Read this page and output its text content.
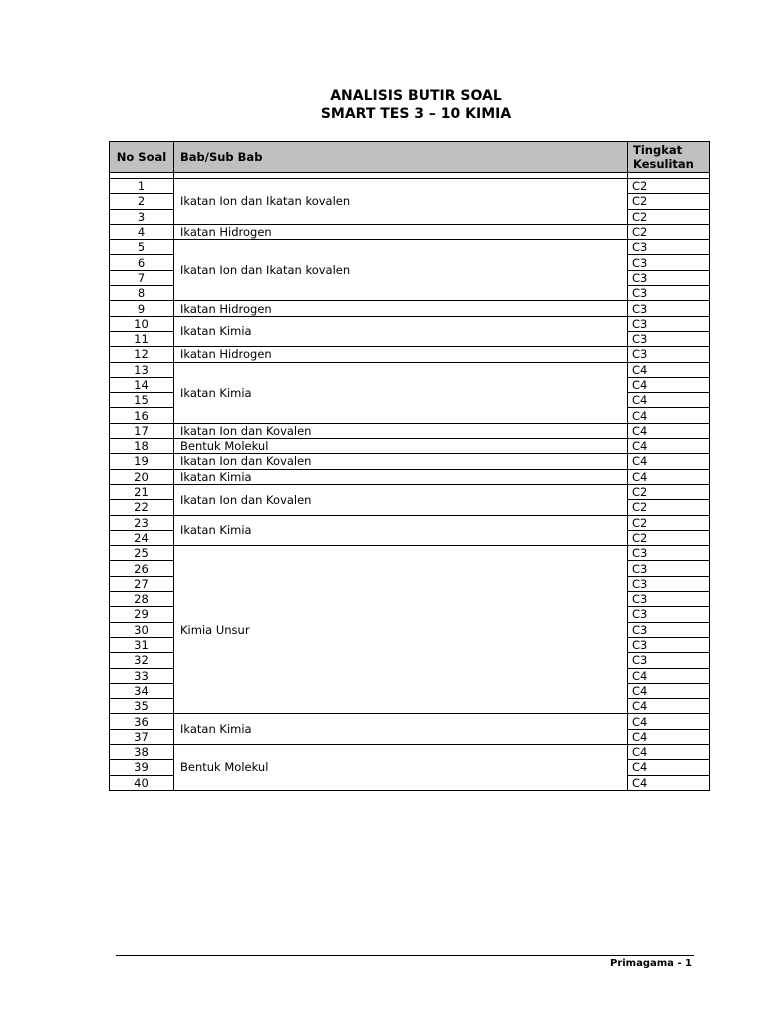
ANALISIS BUTIR SOAL
SMART TES 3 – 10 KIMIA
No Soal	Bab/Sub Bab	Tingkat Kesulitan

1	Ikatan Ion dan Ikatan kovalen	C2
2		C2
3		C2
4	Ikatan Hidrogen	C2
5	Ikatan Ion dan Ikatan kovalen	C3
6		C3
7		C3
8		C3
9	Ikatan Hidrogen	C3
10	Ikatan Kimia	C3
11		C3
12	Ikatan Hidrogen	C3
13	Ikatan Kimia	C4
14		C4
15		C4
16		C4
17	Ikatan Ion dan Kovalen	C4
18	Bentuk Molekul	C4
19	Ikatan Ion dan Kovalen	C4
20	Ikatan Kimia	C4
21	Ikatan Ion dan Kovalen	C2
22		C2
23	Ikatan Kimia	C2
24		C2
25	Kimia Unsur	C3
26		C3
27		C3
28		C3
29		C3
30		C3
31		C3
32		C3
33		C4
34		C4
35		C4
36	Ikatan Kimia	C4
37		C4
38	Bentuk Molekul	C4
39		C4
40		C4
Primagama - 1
